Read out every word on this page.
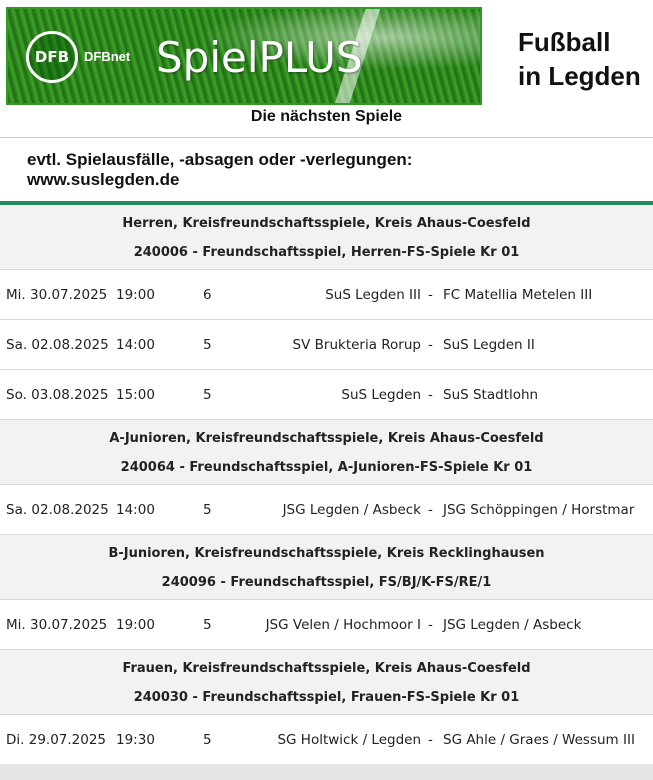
DFB	DFBnet SpielPLUS	Fußball
in Legden
Die nächsten Spiele
evtl. Spielausfälle, -absagen oder -verlegungen:
www.suslegden.de
Herren, Kreisfreundschaftsspiele, Kreis Ahaus-Coesfeld
240006 - Freundschaftsspiel, Herren-FS-Spiele Kr 01
Mi. 30.07.2025 19:00	6	SuS Legden III - FC Matellia Metelen III
Sa. 02.08.2025 14:00	5	SV Brukteria Rorup - SuS Legden II
So. 03.08.2025 15:00	5	SuS Legden - SuS Stadtlohn
A-Junioren, Kreisfreundschaftsspiele, Kreis Ahaus-Coesfeld
240064 - Freundschaftsspiel, A-Junioren-FS-Spiele Kr 01
Sa. 02.08.2025 14:00	5	JSG Legden / Asbeck - JSG Schöppingen / Horstmar
B-Junioren, Kreisfreundschaftsspiele, Kreis Recklinghausen
240096 - Freundschaftsspiel, FS/BJ/K-FS/RE/1
Mi. 30.07.2025 19:00	5	JSG Velen / Hochmoor I - JSG Legden / Asbeck
Frauen, Kreisfreundschaftsspiele, Kreis Ahaus-Coesfeld
240030 - Freundschaftsspiel, Frauen-FS-Spiele Kr 01
Di. 29.07.2025 19:30	5	SG Holtwick / Legden - SG Ahle / Graes / Wessum III
